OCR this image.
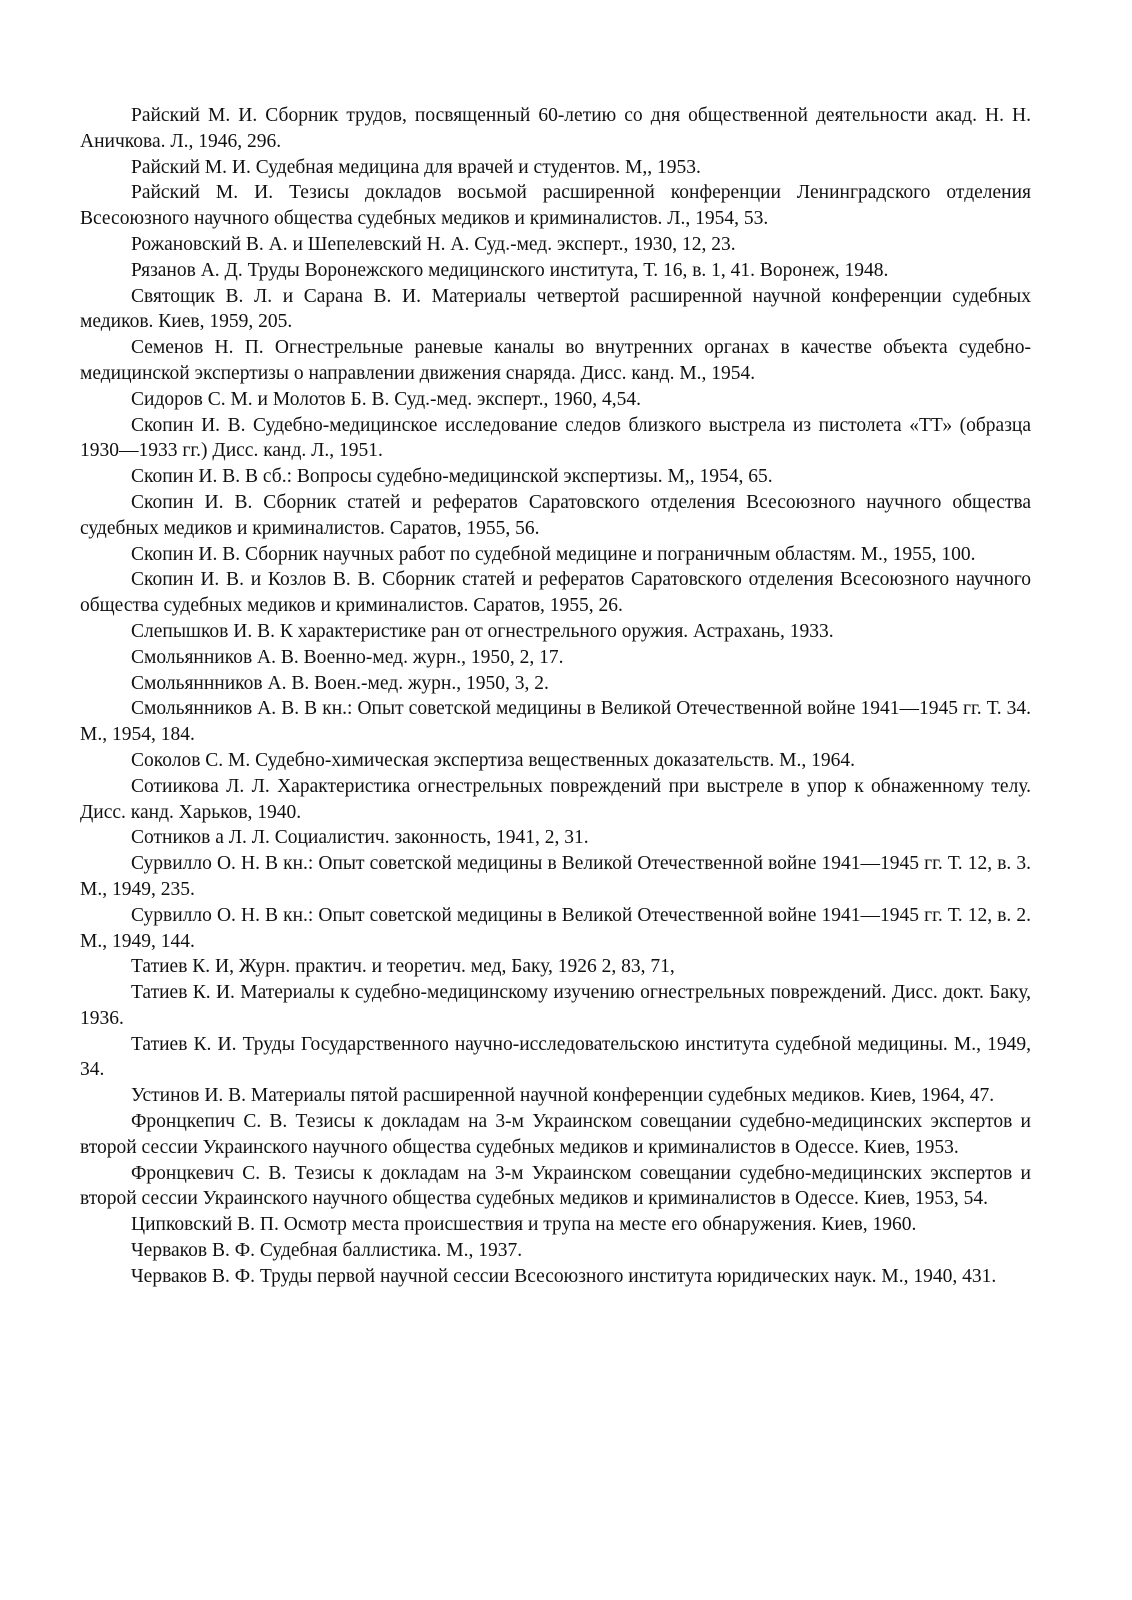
Райский М. И. Сборник трудов, посвященный 60-летию со дня общественной деятельности акад. Н. Н. Аничкова. Л., 1946, 296.

Райский М. И. Судебная медицина для врачей и студентов. М,, 1953.

Райский М. И. Тезисы докладов восьмой расширенной конференции Ленинградского отделения Всесоюзного научного общества судебных медиков и криминалистов. Л., 1954, 53.

Рожановский В. А. и Шепелевский Н. А. Суд.-мед. эксперт., 1930, 12, 23.

Рязанов А. Д. Труды Воронежского медицинского института, Т. 16, в. 1, 41. Воронеж, 1948.

Святощик В. Л. и Сарана В. И. Материалы четвертой расширенной научной конференции судебных медиков. Киев, 1959, 205.

Семенов Н. П. Огнестрельные раневые каналы во внутренних органах в качестве объекта судебно-медицинской экспертизы о направлении движения снаряда. Дисс. канд. М., 1954.

Сидоров С. М. и Молотов Б. В. Суд.-мед. эксперт., 1960, 4,54.

Скопин И. В. Судебно-медицинское исследование следов близкого выстрела из пистолета «ТТ» (образца 1930—1933 гг.) Дисс. канд. Л., 1951.

Скопин И. В. В сб.: Вопросы судебно-медицинской экспертизы. М,, 1954, 65.

Скопин И. В. Сборник статей и рефератов Саратовского отделения Всесоюзного научного общества судебных медиков и криминалистов. Саратов, 1955, 56.

Скопин И. В. Сборник научных работ по судебной медицине и пограничным областям. М., 1955, 100.

Скопин И. В. и Козлов В. В. Сборник статей и рефератов Саратовского отделения Всесоюзного научного общества судебных медиков и криминалистов. Саратов, 1955, 26.

Слепышков И. В. К характеристике ран от огнестрельного оружия. Астрахань, 1933.

Смольянников А. В. Военно-мед. журн., 1950, 2, 17.

Смольяннников А. В. Воен.-мед. журн., 1950, 3, 2.

Смольянников А. В. В кн.: Опыт советской медицины в Великой Отечественной войне 1941—1945 гг. Т. 34. М., 1954, 184.

Соколов С. М. Судебно-химическая экспертиза вещественных доказательств. М., 1964.

Сотиикова Л. Л. Характеристика огнестрельных повреждений при выстреле в упор к обнаженному телу. Дисс. канд. Харьков, 1940.

Сотников а Л. Л. Социалистич. законность, 1941, 2, 31.

Сурвилло О. Н. В кн.: Опыт советской медицины в Великой Отечественной войне 1941—1945 гг. Т. 12, в. 3. М., 1949, 235.

Сурвилло О. Н. В кн.: Опыт советской медицины в Великой Отечественной войне 1941—1945 гг. Т. 12, в. 2. М., 1949, 144.

Татиев К. И, Журн. практич. и теоретич. мед, Баку, 1926 2, 83, 71,

Татиев К. И. Материалы к судебно-медицинскому изучению огнестрельных повреждений. Дисс. докт. Баку, 1936.

Татиев К. И. Труды Государственного научно-исследовательскою института судебной медицины. М., 1949, 34.

Устинов И. В. Материалы пятой расширенной научной конференции судебных медиков. Киев, 1964, 47.

Фронцкепич С. В. Тезисы к докладам на 3-м Украинском совещании судебно-медицинских экспертов и второй сессии Украинского научного общества судебных медиков и криминалистов в Одессе. Киев, 1953.

Фронцкевич С. В. Тезисы к докладам на 3-м Украинском совещании судебно-медицинских экспертов и второй сессии Украинского научного общества судебных медиков и криминалистов в Одессе. Киев, 1953, 54.

Ципковский В. П. Осмотр места происшествия и трупа на месте его обнаружения. Киев, 1960.

Черваков В. Ф. Судебная баллистика. М., 1937.

Черваков В. Ф. Труды первой научной сессии Всесоюзного института юридических наук. М., 1940, 431.
